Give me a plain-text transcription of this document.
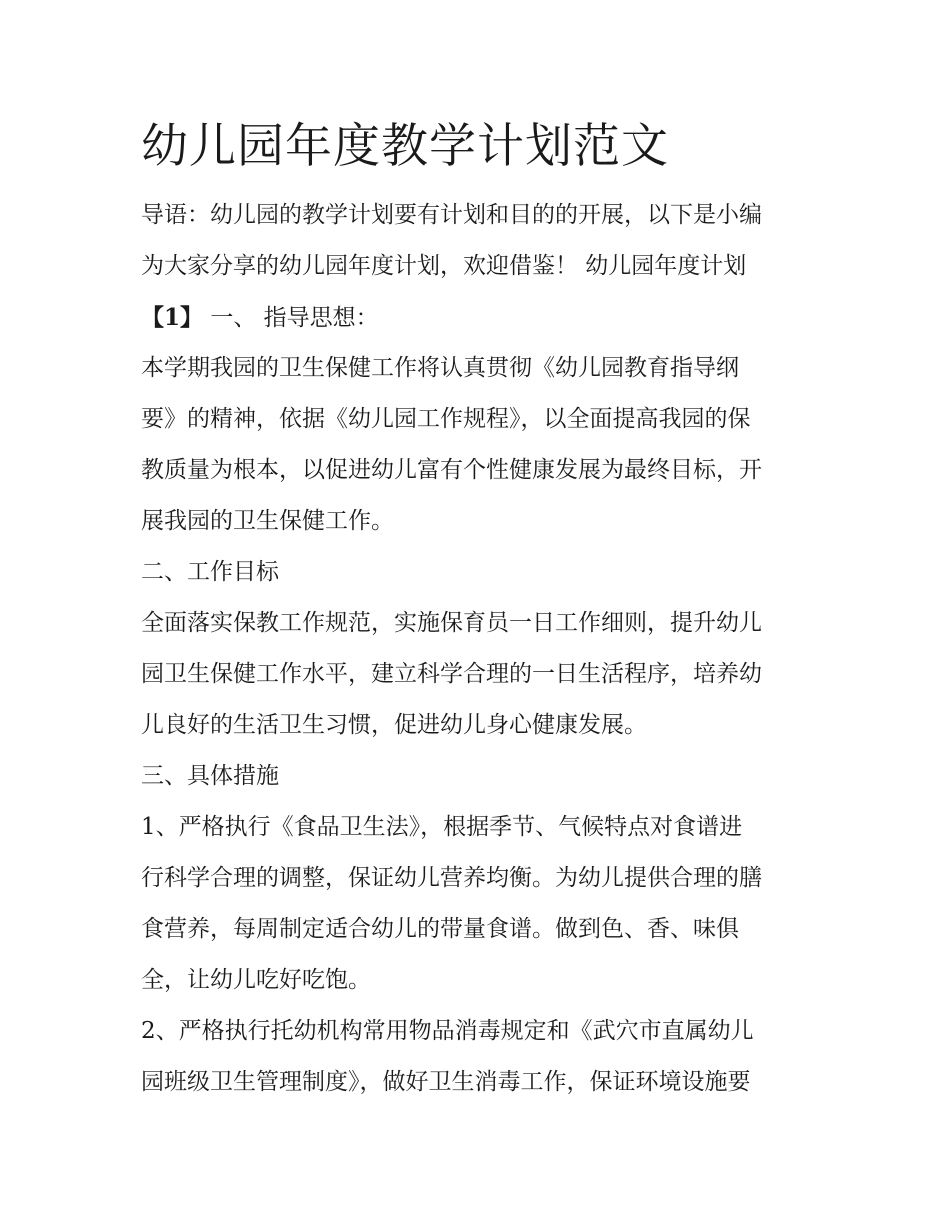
幼儿园年度教学计划范文

导语：幼儿园的教学计划要有计划和目的的开展，以下是小编

为大家分享的幼儿园年度计划，欢迎借鉴！ 幼儿园年度计划

【1】 一、 指导思想：

本学期我园的卫生保健工作将认真贯彻《幼儿园教育指导纲

要》的精神，依据《幼儿园工作规程》，以全面提高我园的保

教质量为根本，以促进幼儿富有个性健康发展为最终目标，开

展我园的卫生保健工作。

二、工作目标

全面落实保教工作规范，实施保育员一日工作细则，提升幼儿

园卫生保健工作水平，建立科学合理的一日生活程序，培养幼

儿良好的生活卫生习惯，促进幼儿身心健康发展。

三、具体措施

1、严格执行《食品卫生法》，根据季节、气候特点对食谱进

行科学合理的调整，保证幼儿营养均衡。为幼儿提供合理的膳

食营养，每周制定适合幼儿的带量食谱。做到色、香、味俱

全，让幼儿吃好吃饱。

2、严格执行托幼机构常用物品消毒规定和《武穴市直属幼儿

园班级卫生管理制度》，做好卫生消毒工作，保证环境设施要
